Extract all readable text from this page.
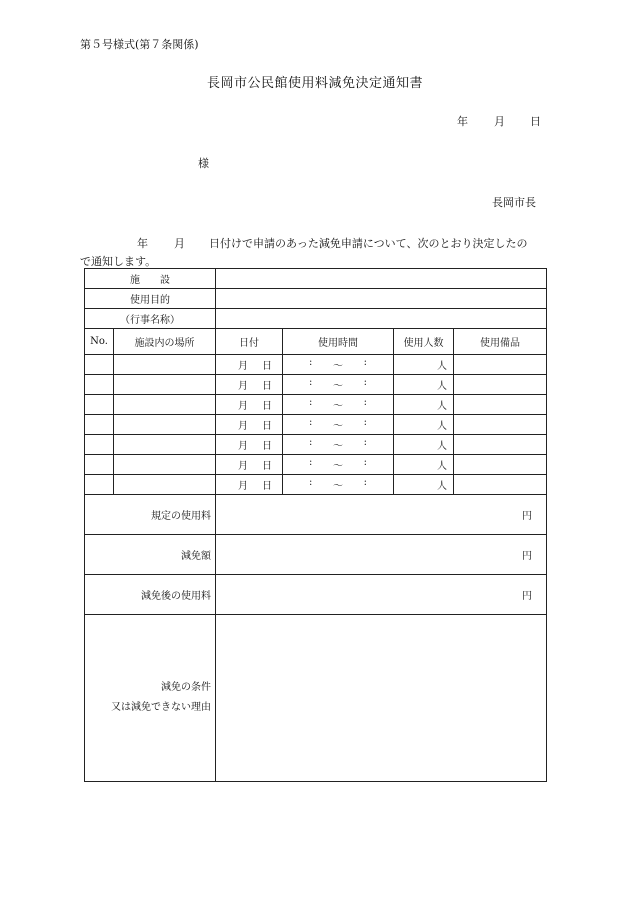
第５号様式(第７条関係)
長岡市公民館使用料減免決定通知書
年 月 日
様
長岡市長
年 月 日付けで申請のあった減免申請について、次のとおり決定したの
で通知します。
施　　設					
使用目的					
（行事名称）					
No.	施設内の場所	日付	使用時間	使用人数	使用備品

		月 日	: 〜 :	人	

		月 日	: 〜 :	人	

		月 日	: 〜 :	人	

		月 日	: 〜 :	人	

		月 日	: 〜 :	人	

		月 日	: 〜 :	人	

		月 日	: 〜 :	人	
規定の使用料		円			
減免額		円			
減免後の使用料		円			

減免の条件
又は減免できない理由					
